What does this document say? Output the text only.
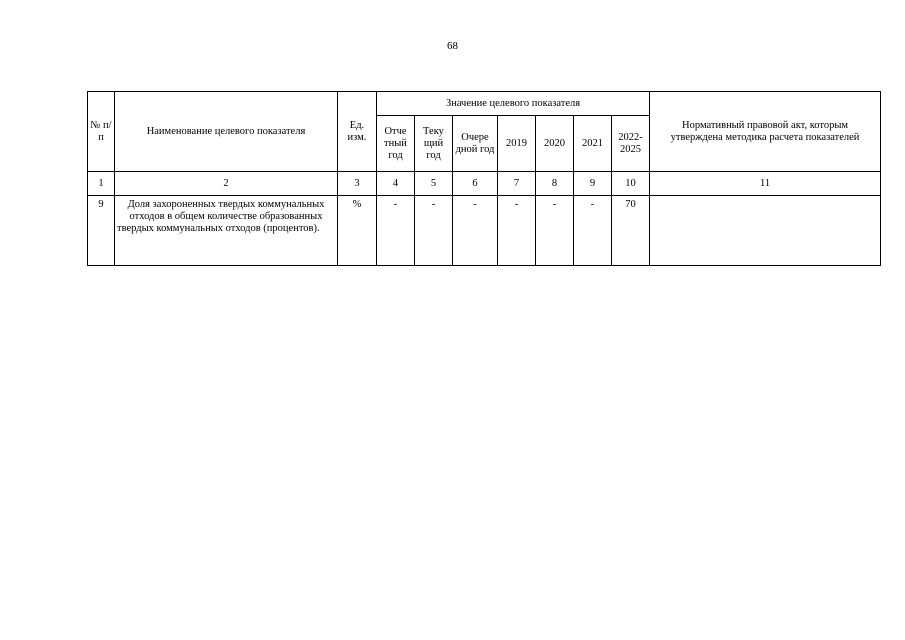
68
№ п/п	Наименование целевого показателя	Ед. изм.	Значение целевого показателя							Нормативный правовой акт, которым утверждена методика расчета показателей
			Отче тный год	Теку щий год	Очере дной год	2019	2020	2021	2022- 2025	
1	2	3	4	5	6	7	8	9	10	11
9	Доля захороненных твердых коммунальных отходов в общем количестве образованных твердых коммунальных отходов (процентов).	%	-	-	-	-	-	-	70	
